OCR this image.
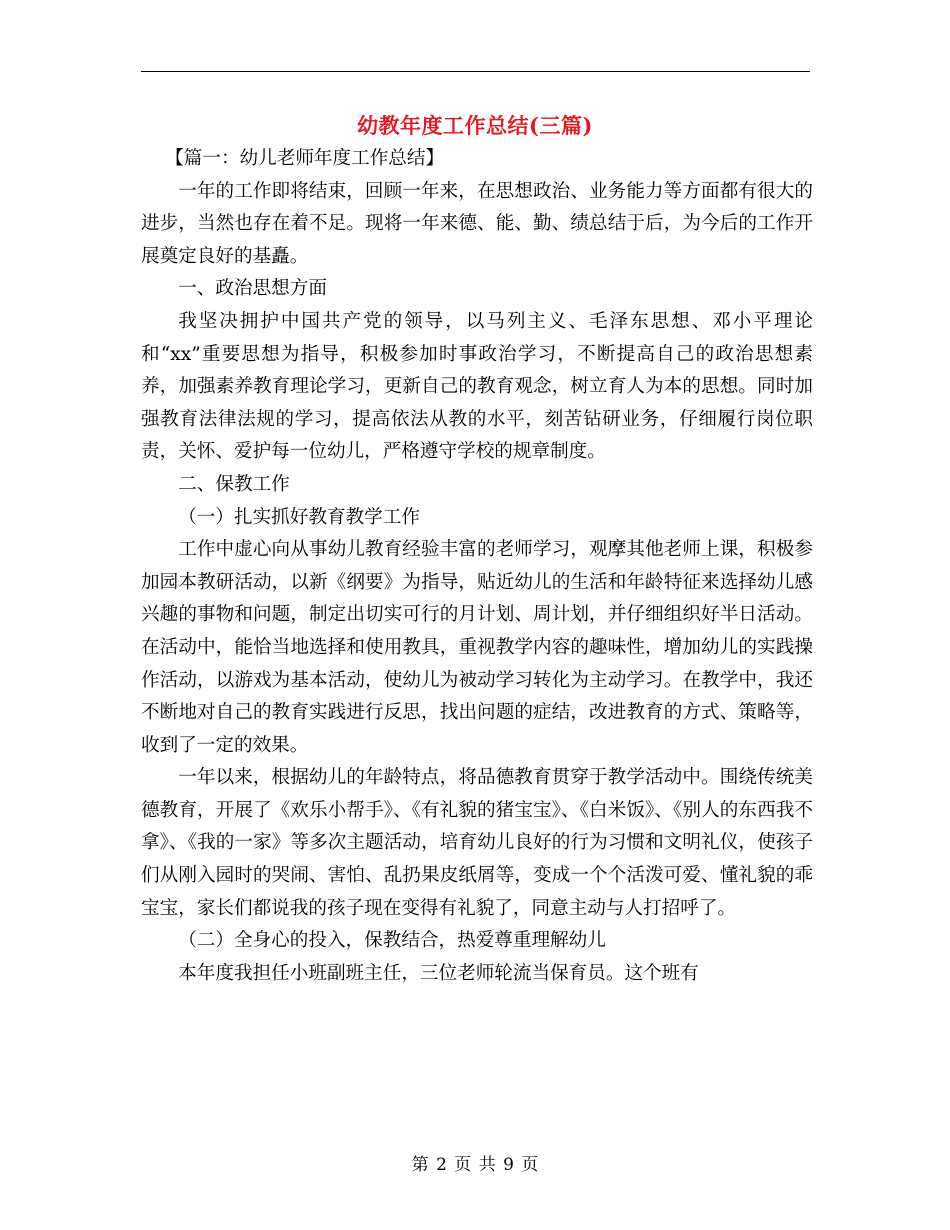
幼教年度工作总结(三篇)

【篇一：幼儿老师年度工作总结】

一年的工作即将结束，回顾一年来，在思想政治、业务能力等方面都有很大的进步，当然也存在着不足。现将一年来德、能、勤、绩总结于后，为今后的工作开展奠定良好的基矗。

一、政治思想方面

我坚决拥护中国共产党的领导，以马列主义、毛泽东思想、邓小平理论和“xx”重要思想为指导，积极参加时事政治学习，不断提高自己的政治思想素养，加强素养教育理论学习，更新自己的教育观念，树立育人为本的思想。同时加强教育法律法规的学习，提高依法从教的水平，刻苦钻研业务，仔细履行岗位职责，关怀、爱护每一位幼儿，严格遵守学校的规章制度。

二、保教工作

（一）扎实抓好教育教学工作

工作中虚心向从事幼儿教育经验丰富的老师学习，观摩其他老师上课，积极参加园本教研活动，以新《纲要》为指导，贴近幼儿的生活和年龄特征来选择幼儿感兴趣的事物和问题，制定出切实可行的月计划、周计划，并仔细组织好半日活动。在活动中，能恰当地选择和使用教具，重视教学内容的趣味性，增加幼儿的实践操作活动，以游戏为基本活动，使幼儿为被动学习转化为主动学习。在教学中，我还不断地对自己的教育实践进行反思，找出问题的症结，改进教育的方式、策略等，收到了一定的效果。

一年以来，根据幼儿的年龄特点，将品德教育贯穿于教学活动中。围绕传统美德教育，开展了《欢乐小帮手》、《有礼貌的猪宝宝》、《白米饭》、《别人的东西我不拿》、《我的一家》等多次主题活动，培育幼儿良好的行为习惯和文明礼仪，使孩子们从刚入园时的哭闹、害怕、乱扔果皮纸屑等，变成一个个活泼可爱、懂礼貌的乖宝宝，家长们都说我的孩子现在变得有礼貌了，同意主动与人打招呼了。

（二）全身心的投入，保教结合，热爱尊重理解幼儿

本年度我担任小班副班主任，三位老师轮流当保育员。这个班有

第 2 页 共 9 页
